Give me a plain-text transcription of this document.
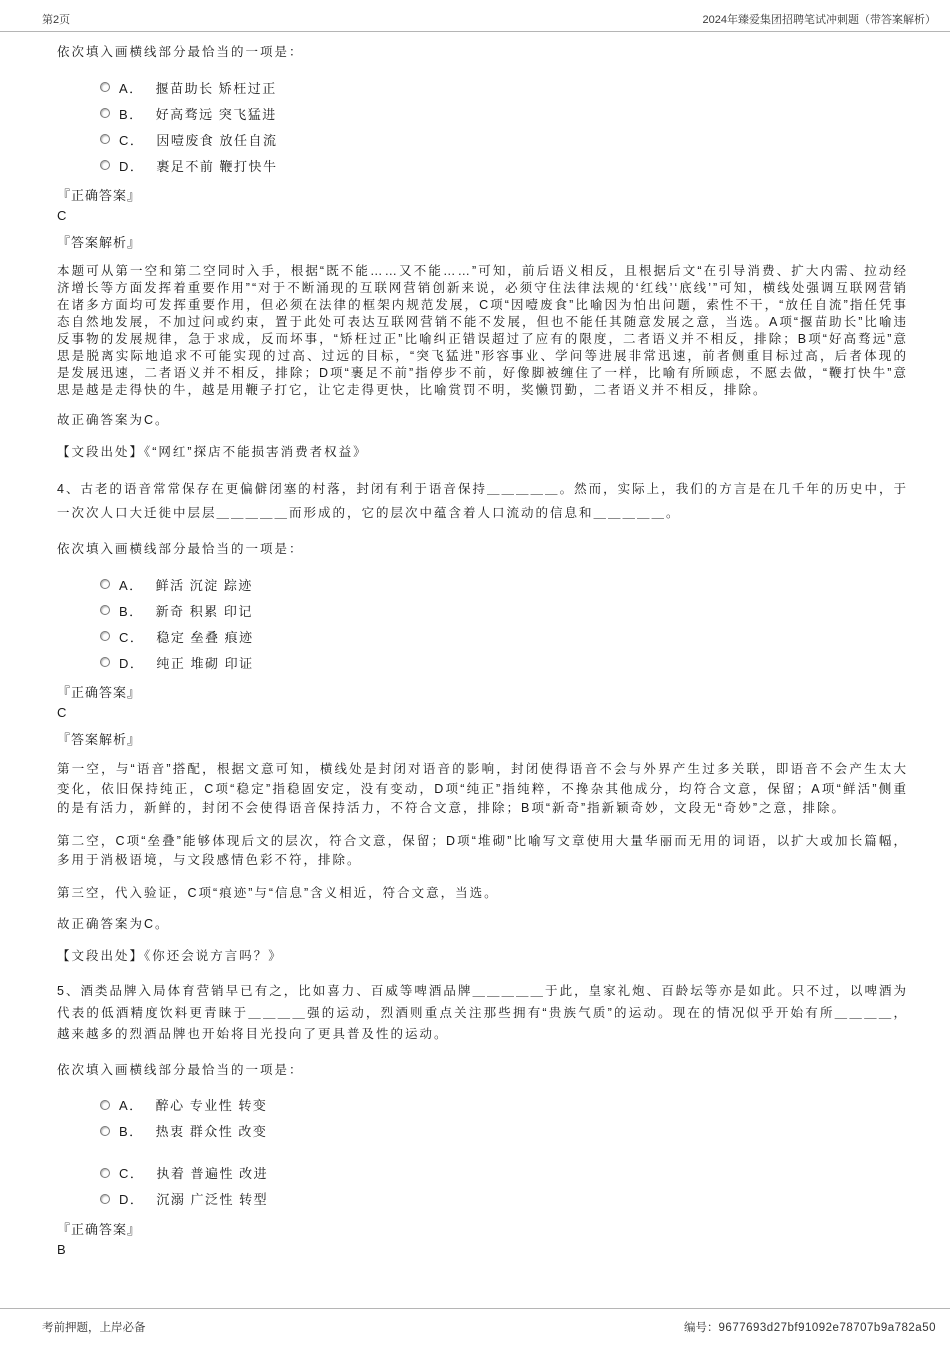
第2页	2024年臻爱集团招聘笔试冲刺题（带答案解析）
依次填入画横线部分最恰当的一项是：
A． 揠苗助长 矫枉过正
B． 好高骛远 突飞猛进
C． 因噎废食 放任自流
D． 裹足不前 鞭打快牛
『正确答案』
C
『答案解析』
本题可从第一空和第二空同时入手，根据“既不能……又不能……”可知，前后语义相反，且根据后文“在引导消费、扩大内需、拉动经济增长等方面发挥着重要作用”“对于不断涌现的互联网营销创新来说，必须守住法律法规的‘红线’‘底线’”可知，横线处强调互联网营销在诸多方面均可发挥重要作用，但必须在法律的框架内规范发展，C项“因噎废食”比喻因为怕出问题，索性不干，“放任自流”指任凭事态自然地发展，不加过问或约束，置于此处可表达互联网营销不能不发展，但也不能任其随意发展之意，当选。A项“揠苗助长”比喻违反事物的发展规律，急于求成，反而坏事，“矫枉过正”比喻纠正错误超过了应有的限度，二者语义并不相反，排除；B项“好高骛远”意思是脱离实际地追求不可能实现的过高、过远的目标，“突飞猛进”形容事业、学问等进展非常迅速，前者侧重目标过高，后者体现的是发展迅速，二者语义并不相反，排除；D项“裹足不前”指停步不前，好像脚被缠住了一样，比喻有所顾虑，不愿去做，“鞭打快牛”意思是越是走得快的牛，越是用鞭子打它，让它走得更快，比喻赏罚不明，奖懒罚勤，二者语义并不相反，排除。
故正确答案为C。
【文段出处】《“网红”探店不能损害消费者权益》
4、古老的语音常常保存在更偏僻闭塞的村落，封闭有利于语音保持＿＿＿＿＿。然而，实际上，我们的方言是在几千年的历史中，于一次次人口大迁徙中层层＿＿＿＿＿而形成的，它的层次中蕴含着人口流动的信息和＿＿＿＿＿。
依次填入画横线部分最恰当的一项是：
A． 鲜活 沉淀 踪迹
B． 新奇 积累 印记
C． 稳定 垒叠 痕迹
D． 纯正 堆砌 印证
『正确答案』
C
『答案解析』
第一空，与“语音”搭配，根据文意可知，横线处是封闭对语音的影响，封闭使得语音不会与外界产生过多关联，即语音不会产生太大变化，依旧保持纯正，C项“稳定”指稳固安定，没有变动，D项“纯正”指纯粹，不搀杂其他成分，均符合文意，保留；A项“鲜活”侧重的是有活力，新鲜的，封闭不会使得语音保持活力，不符合文意，排除；B项“新奇”指新颖奇妙，文段无“奇妙”之意，排除。
第二空，C项“垒叠”能够体现后文的层次，符合文意，保留；D项“堆砌”比喻写文章使用大量华丽而无用的词语，以扩大或加长篇幅，多用于消极语境，与文段感情色彩不符，排除。
第三空，代入验证，C项“痕迹”与“信息”含义相近，符合文意，当选。
故正确答案为C。
【文段出处】《你还会说方言吗？》
5、酒类品牌入局体育营销早已有之，比如喜力、百威等啤酒品牌＿＿＿＿＿于此，皇家礼炮、百龄坛等亦是如此。只不过，以啤酒为代表的低酒精度饮料更青睐于＿＿＿＿强的运动，烈酒则重点关注那些拥有“贵族气质”的运动。现在的情况似乎开始有所＿＿＿＿，越来越多的烈酒品牌也开始将目光投向了更具普及性的运动。
依次填入画横线部分最恰当的一项是：
A． 醉心 专业性 转变
B． 热衷 群众性 改变
C． 执着 普遍性 改进
D． 沉溺 广泛性 转型
『正确答案』
B
考前押题，上岸必备	编号：9677693d27bf91092e78707b9a782a50
